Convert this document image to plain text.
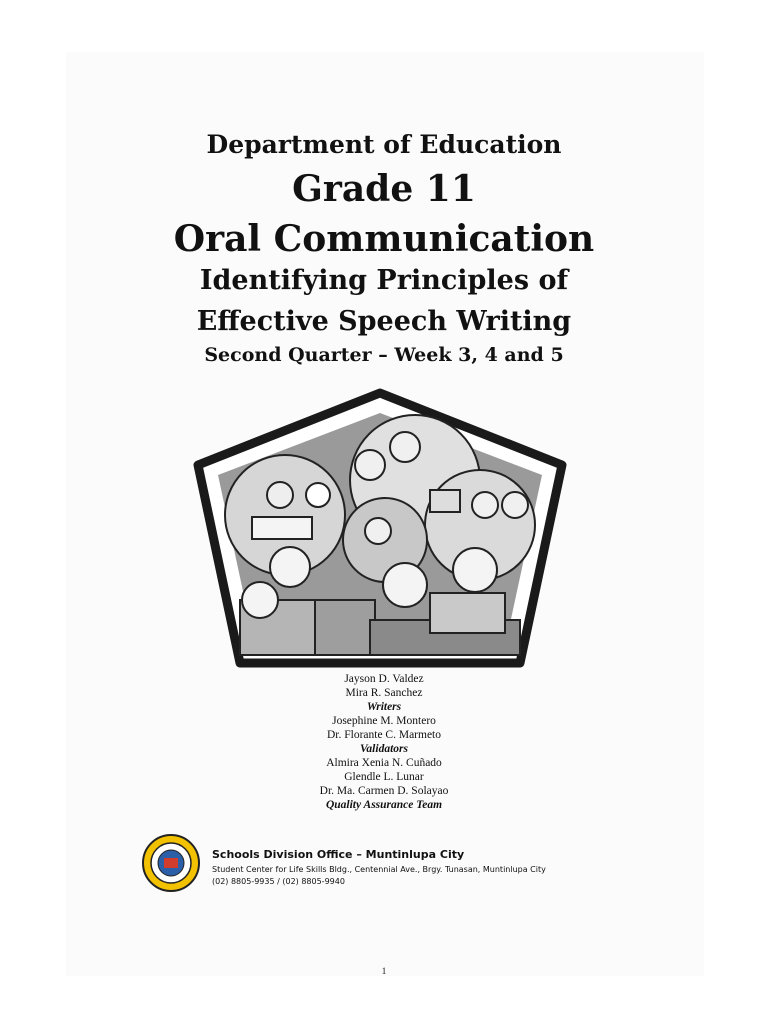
Department of Education
Grade 11
Oral Communication
Identifying Principles of
Effective Speech Writing
Second Quarter – Week 3, 4 and 5
Jayson D. Valdez
Mira R. Sanchez
Writers
Josephine M. Montero
Dr. Florante C. Marmeto
Validators
Almira Xenia N. Cuñado
Glendle L. Lunar
Dr. Ma. Carmen D. Solayao
Quality Assurance Team
Schools Division Office – Muntinlupa City
Student Center for Life Skills Bldg., Centennial Ave., Brgy. Tunasan, Muntinlupa City
(02) 8805-9935 / (02) 8805-9940
1
